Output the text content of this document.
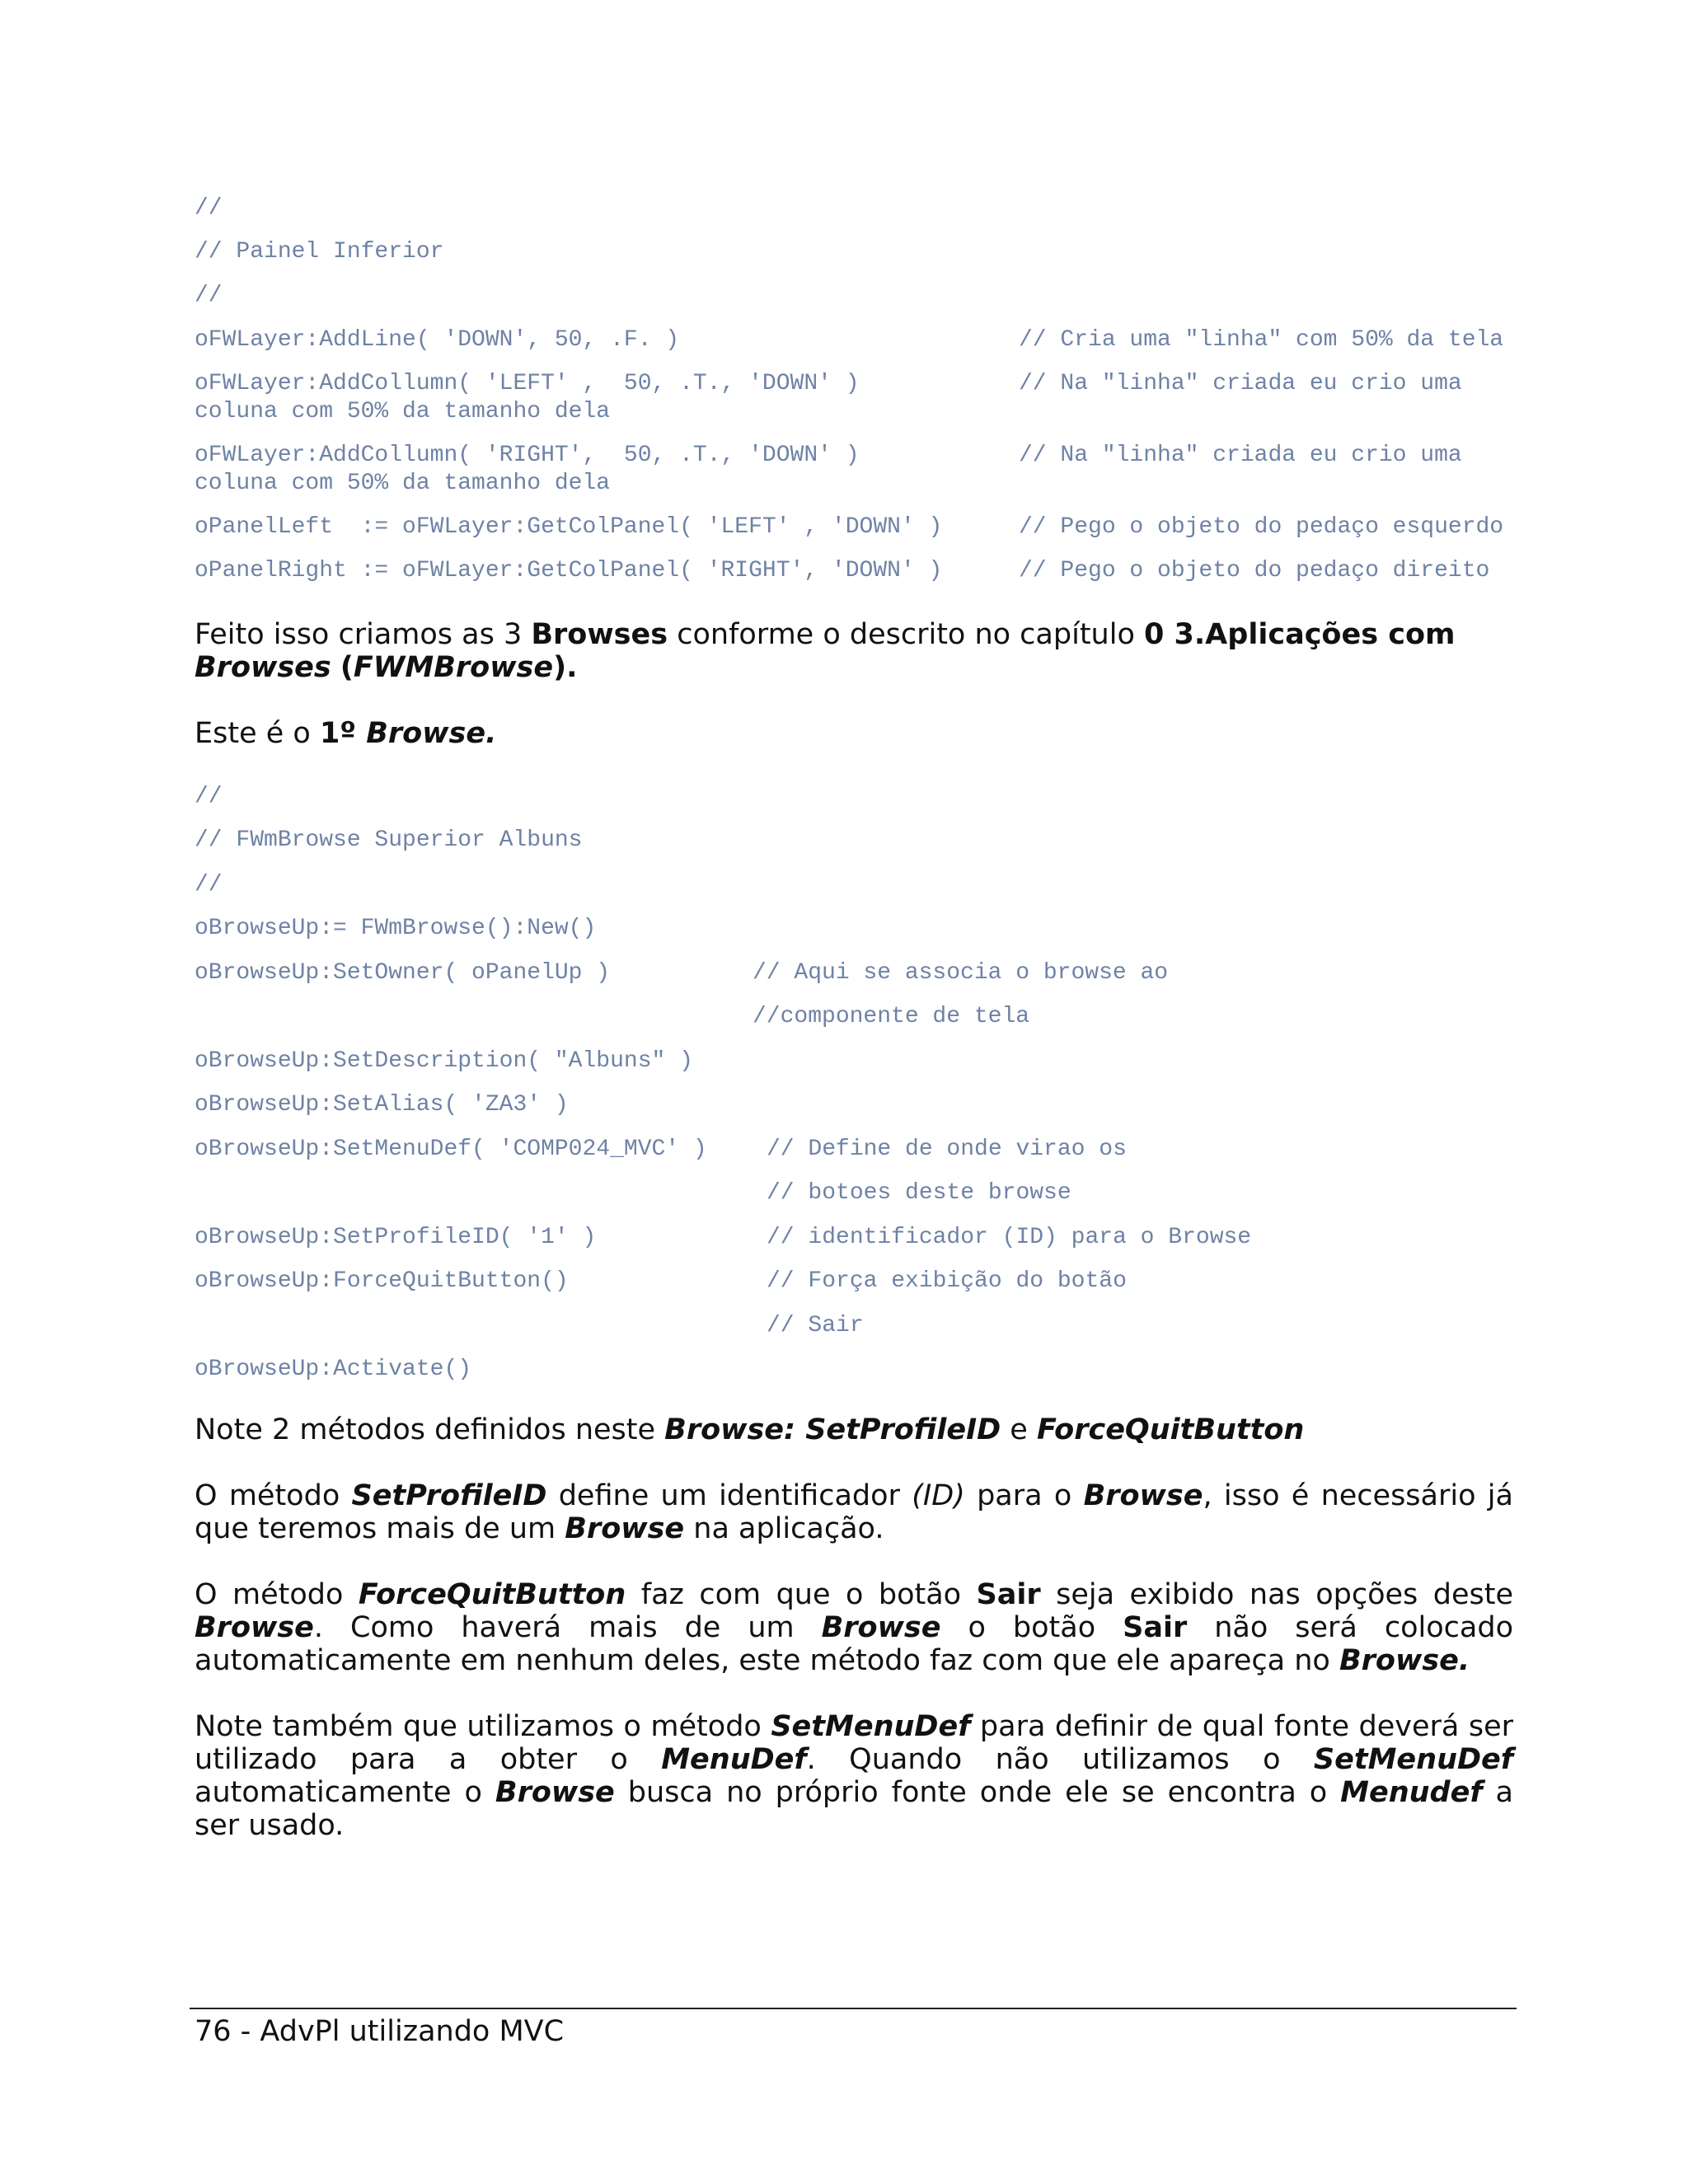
//
// Painel Inferior
//
oFWLayer:AddLine( 'DOWN', 50, .F. )	// Cria uma "linha" com 50% da tela
oFWLayer:AddCollumn( 'LEFT' ,  50, .T., 'DOWN' )	// Na "linha" criada eu crio uma
coluna com 50% da tamanho dela
oFWLayer:AddCollumn( 'RIGHT',  50, .T., 'DOWN' )	// Na "linha" criada eu crio uma
coluna com 50% da tamanho dela
oPanelLeft  := oFWLayer:GetColPanel( 'LEFT' , 'DOWN' )	// Pego o objeto do pedaço esquerdo
oPanelRight := oFWLayer:GetColPanel( 'RIGHT', 'DOWN' )	// Pego o objeto do pedaço direito

Feito isso criamos as 3 Browses conforme o descrito no capítulo 0 3.Aplicações com
Browses (FWMBrowse).

Este é o 1º Browse.

//
// FWmBrowse Superior Albuns
//
oBrowseUp:= FWmBrowse():New()
oBrowseUp:SetOwner( oPanelUp )	// Aqui se associa o browse ao
//componente de tela
oBrowseUp:SetDescription( "Albuns" )
oBrowseUp:SetAlias( 'ZA3' )
oBrowseUp:SetMenuDef( 'COMP024_MVC' )	// Define de onde virao os
// botoes deste browse
oBrowseUp:SetProfileID( '1' )	// identificador (ID) para o Browse
oBrowseUp:ForceQuitButton()	// Força exibição do botão
// Sair
oBrowseUp:Activate()

Note 2 métodos definidos neste Browse: SetProfileID e ForceQuitButton

O método SetProfileID define um identificador (ID) para o Browse, isso é necessário já que teremos mais de um Browse na aplicação.

O método ForceQuitButton faz com que o botão Sair seja exibido nas opções deste Browse. Como haverá mais de um Browse o botão Sair não será colocado automaticamente em nenhum deles, este método faz com que ele apareça no Browse.

Note também que utilizamos o método SetMenuDef para definir de qual fonte deverá ser utilizado para a obter o MenuDef. Quando não utilizamos o SetMenuDef automaticamente o Browse busca no próprio fonte onde ele se encontra o Menudef a ser usado.

76 - AdvPl utilizando MVC
